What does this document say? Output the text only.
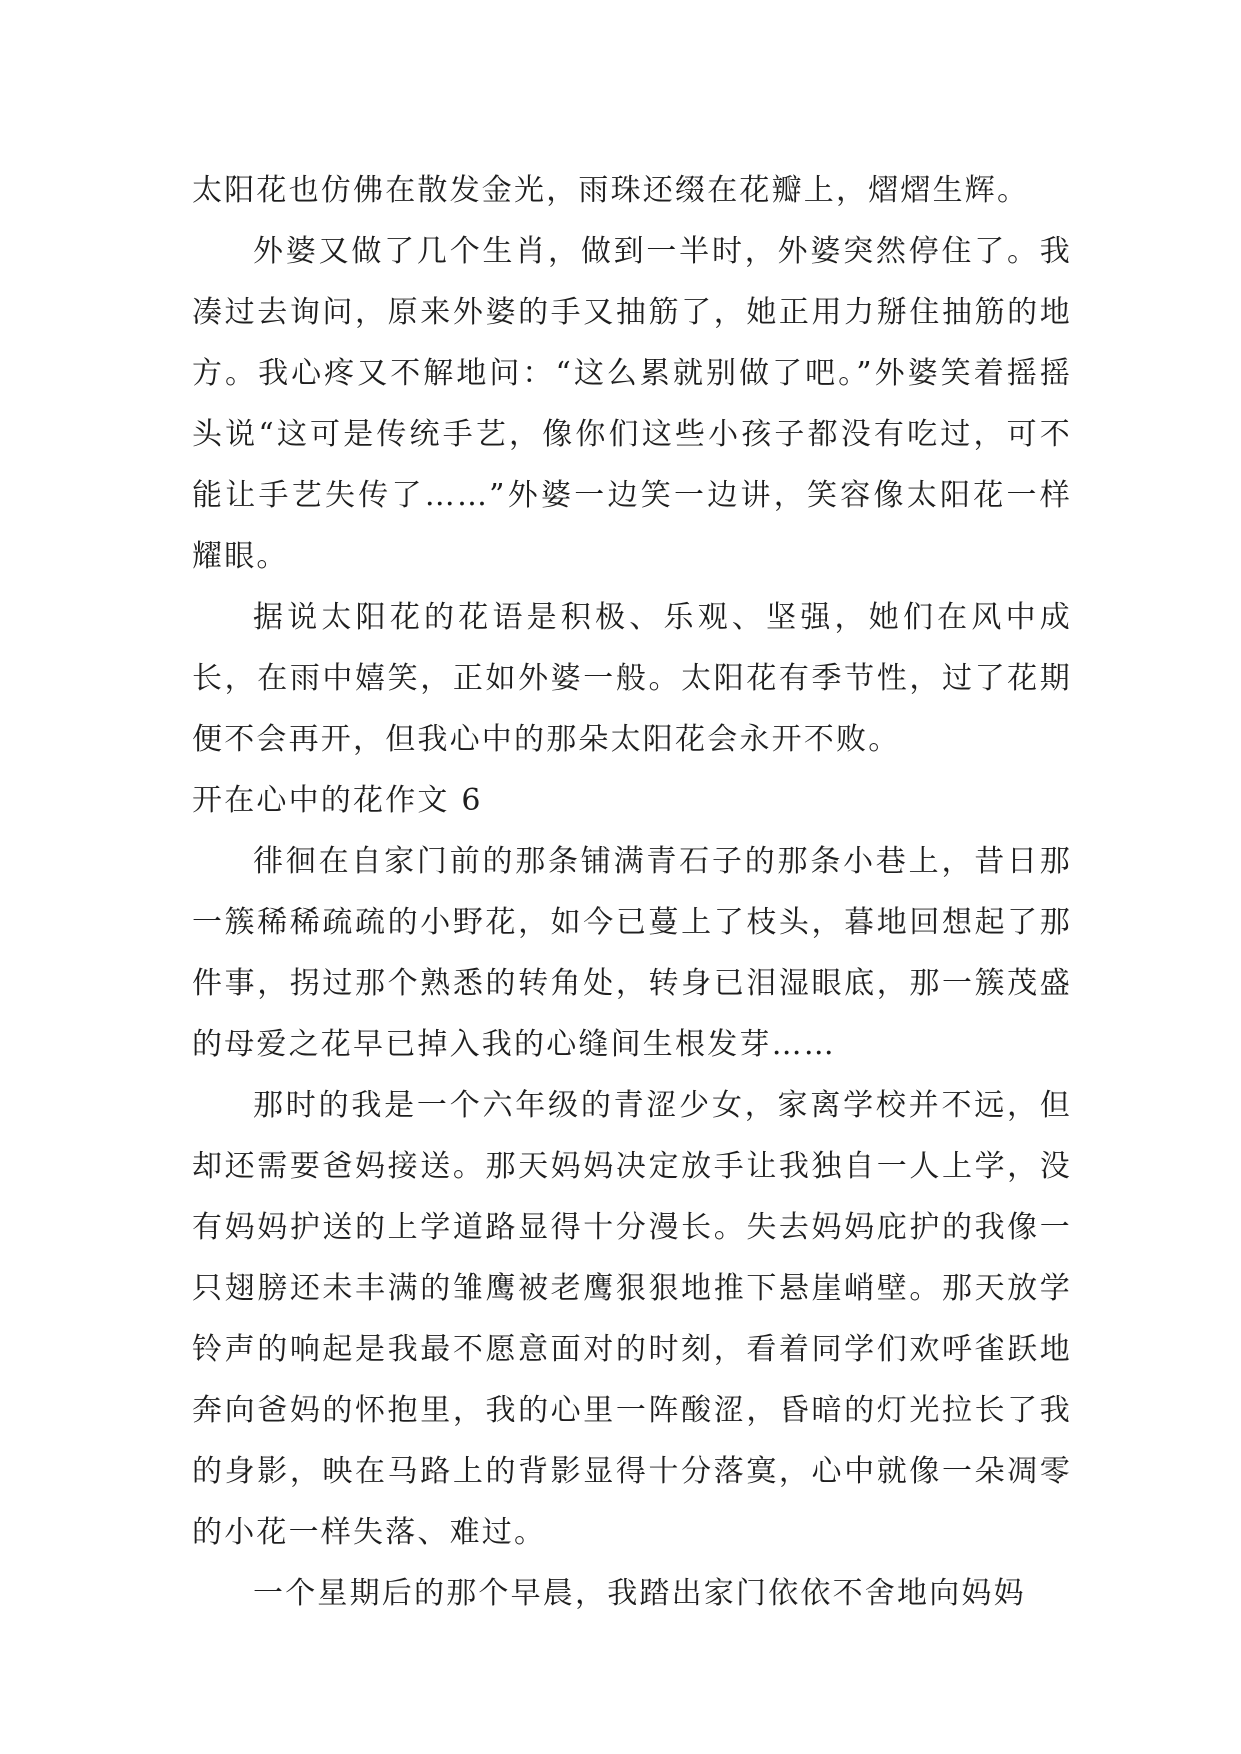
太阳花也仿佛在散发金光，雨珠还缀在花瓣上，熠熠生辉。

外婆又做了几个生肖，做到一半时，外婆突然停住了。我凑过去询问，原来外婆的手又抽筋了，她正用力掰住抽筋的地方。我心疼又不解地问：“这么累就别做了吧。”外婆笑着摇摇头说“这可是传统手艺，像你们这些小孩子都没有吃过，可不能让手艺失传了……”外婆一边笑一边讲，笑容像太阳花一样耀眼。

据说太阳花的花语是积极、乐观、坚强，她们在风中成长，在雨中嬉笑，正如外婆一般。太阳花有季节性，过了花期便不会再开，但我心中的那朵太阳花会永开不败。

开在心中的花作文 6

徘徊在自家门前的那条铺满青石子的那条小巷上，昔日那一簇稀稀疏疏的小野花，如今已蔓上了枝头，暮地回想起了那件事，拐过那个熟悉的转角处，转身已泪湿眼底，那一簇茂盛的母爱之花早已掉入我的心缝间生根发芽……

那时的我是一个六年级的青涩少女，家离学校并不远，但却还需要爸妈接送。那天妈妈决定放手让我独自一人上学，没有妈妈护送的上学道路显得十分漫长。失去妈妈庇护的我像一只翅膀还未丰满的雏鹰被老鹰狠狠地推下悬崖峭壁。那天放学铃声的响起是我最不愿意面对的时刻，看着同学们欢呼雀跃地奔向爸妈的怀抱里，我的心里一阵酸涩，昏暗的灯光拉长了我的身影，映在马路上的背影显得十分落寞，心中就像一朵凋零的小花一样失落、难过。

一个星期后的那个早晨，我踏出家门依依不舍地向妈妈
